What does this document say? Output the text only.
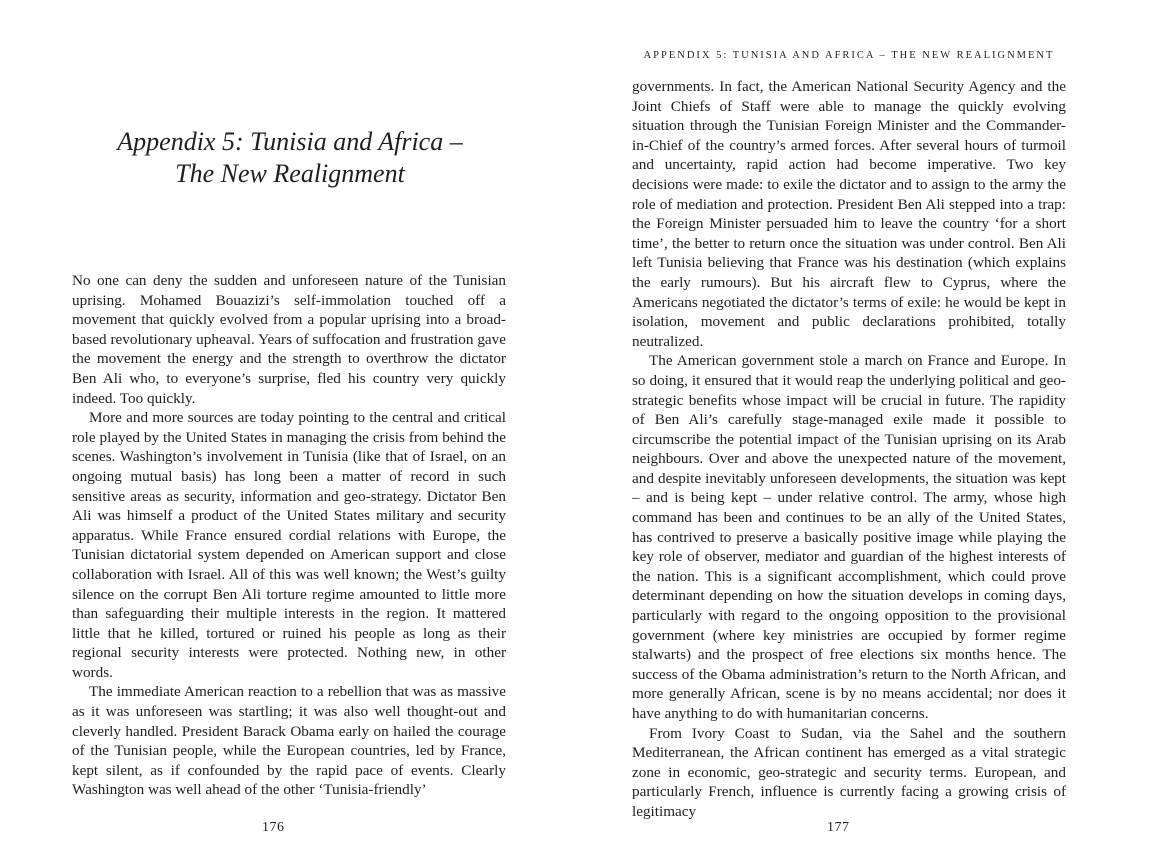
Appendix 5: Tunisia and Africa –
The New Realignment

No one can deny the sudden and unforeseen nature of the Tunisian uprising. Mohamed Bouazizi’s self-immolation touched off a movement that quickly evolved from a popular uprising into a broad-based revolutionary upheaval. Years of suffocation and frustration gave the movement the energy and the strength to overthrow the dictator Ben Ali who, to everyone’s surprise, fled his country very quickly indeed. Too quickly.

More and more sources are today pointing to the central and critical role played by the United States in managing the crisis from behind the scenes. Washington’s involvement in Tunisia (like that of Israel, on an ongoing mutual basis) has long been a matter of record in such sensitive areas as security, information and geo-strategy. Dictator Ben Ali was himself a product of the United States military and security apparatus. While France ensured cordial relations with Europe, the Tunisian dictatorial system depended on American support and close collaboration with Israel. All of this was well known; the West’s guilty silence on the corrupt Ben Ali torture regime amounted to little more than safeguarding their multiple interests in the region. It mattered little that he killed, tortured or ruined his people as long as their regional security interests were protected. Nothing new, in other words.

The immediate American reaction to a rebellion that was as massive as it was unforeseen was startling; it was also well thought-out and cleverly handled. President Barack Obama early on hailed the courage of the Tunisian people, while the European countries, led by France, kept silent, as if confounded by the rapid pace of events. Clearly Washington was well ahead of the other ‘Tunisia-friendly’

176
APPENDIX 5: TUNISIA AND AFRICA – THE NEW REALIGNMENT

governments. In fact, the American National Security Agency and the Joint Chiefs of Staff were able to manage the quickly evolving situation through the Tunisian Foreign Minister and the Commander-in-Chief of the country’s armed forces. After several hours of turmoil and uncertainty, rapid action had become imperative. Two key decisions were made: to exile the dictator and to assign to the army the role of mediation and protection. President Ben Ali stepped into a trap: the Foreign Minister persuaded him to leave the country ‘for a short time’, the better to return once the situation was under control. Ben Ali left Tunisia believing that France was his destination (which explains the early rumours). But his aircraft flew to Cyprus, where the Americans negotiated the dictator’s terms of exile: he would be kept in isolation, movement and public declarations prohibited, totally neutralized.

The American government stole a march on France and Europe. In so doing, it ensured that it would reap the underlying political and geo-strategic benefits whose impact will be crucial in future. The rapidity of Ben Ali’s carefully stage-managed exile made it possible to circumscribe the potential impact of the Tunisian uprising on its Arab neighbours. Over and above the unexpected nature of the movement, and despite inevitably unforeseen developments, the situation was kept – and is being kept – under relative control. The army, whose high command has been and continues to be an ally of the United States, has contrived to preserve a basically positive image while playing the key role of observer, mediator and guardian of the highest interests of the nation. This is a significant accomplishment, which could prove determinant depending on how the situation develops in coming days, particularly with regard to the ongoing opposition to the provisional government (where key ministries are occupied by former regime stalwarts) and the prospect of free elections six months hence. The success of the Obama administration’s return to the North African, and more generally African, scene is by no means accidental; nor does it have anything to do with humanitarian concerns.

From Ivory Coast to Sudan, via the Sahel and the southern Mediterranean, the African continent has emerged as a vital strategic zone in economic, geo-strategic and security terms. European, and particularly French, influence is currently facing a growing crisis of legitimacy

177
